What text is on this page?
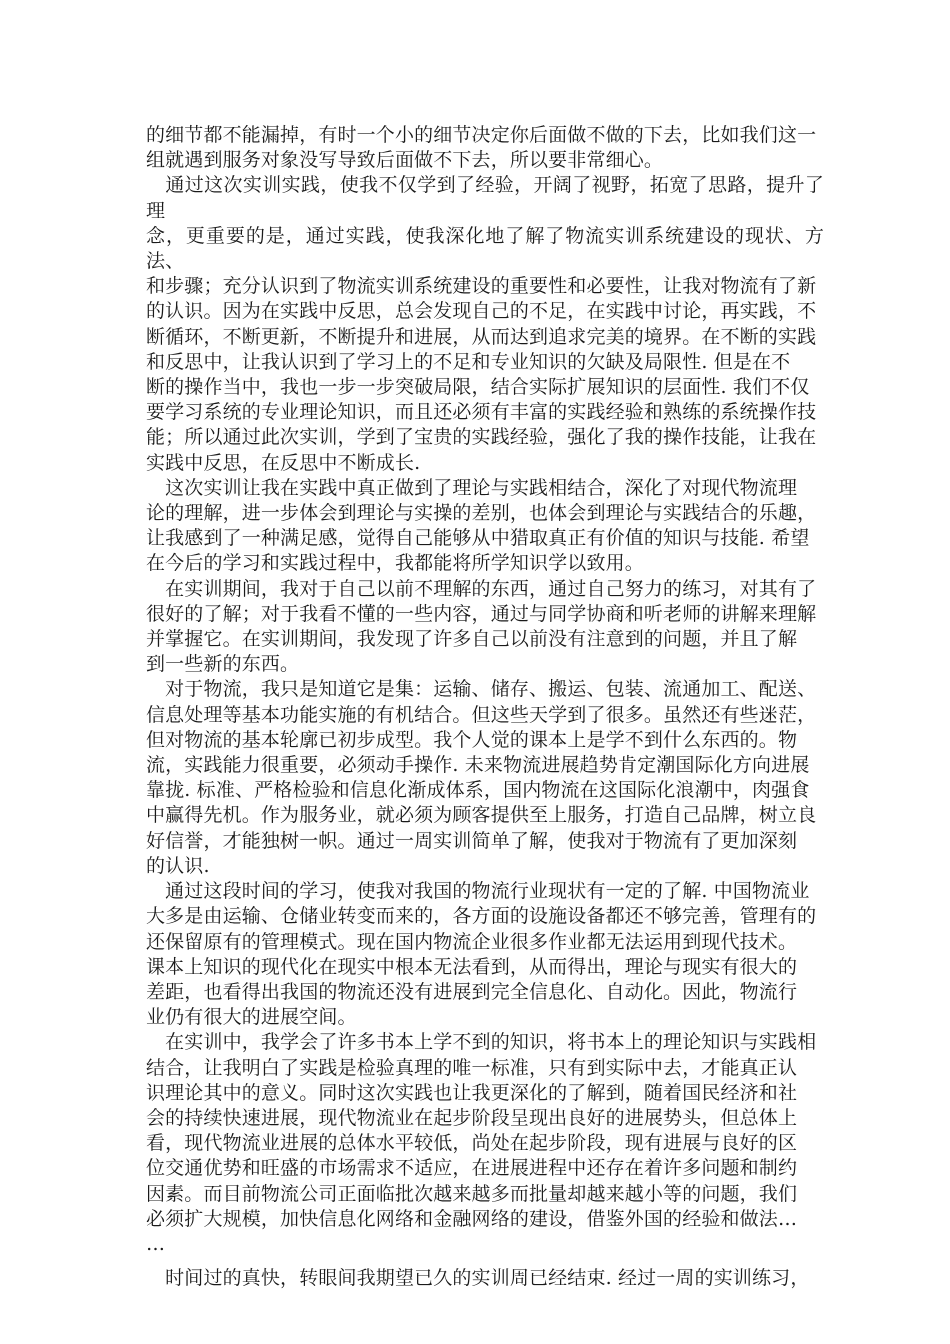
的细节都不能漏掉，有时一个小的细节决定你后面做不做的下去，比如我们这一
组就遇到服务对象没写导致后面做不下去，所以要非常细心。

　通过这次实训实践，使我不仅学到了经验，开阔了视野，拓宽了思路，提升了理
念，更重要的是，通过实践，使我深化地了解了物流实训系统建设的现状、方法、
和步骤；充分认识到了物流实训系统建设的重要性和必要性，让我对物流有了新
的认识。因为在实践中反思，总会发现自己的不足，在实践中讨论，再实践，不
断循环，不断更新，不断提升和进展，从而达到追求完美的境界。在不断的实践
和反思中，让我认识到了学习上的不足和专业知识的欠缺及局限性. 但是在不
断的操作当中，我也一步一步突破局限，结合实际扩展知识的层面性. 我们不仅
要学习系统的专业理论知识，而且还必须有丰富的实践经验和熟练的系统操作技
能；所以通过此次实训，学到了宝贵的实践经验，强化了我的操作技能，让我在
实践中反思，在反思中不断成长.

　这次实训让我在实践中真正做到了理论与实践相结合，深化了对现代物流理
论的理解，进一步体会到理论与实操的差别，也体会到理论与实践结合的乐趣，
让我感到了一种满足感，觉得自己能够从中猎取真正有价值的知识与技能. 希望
在今后的学习和实践过程中，我都能将所学知识学以致用。

　在实训期间，我对于自己以前不理解的东西，通过自己努力的练习，对其有了
很好的了解；对于我看不懂的一些内容，通过与同学协商和听老师的讲解来理解
并掌握它。在实训期间，我发现了许多自己以前没有注意到的问题，并且了解
到一些新的东西。

　对于物流，我只是知道它是集：运输、储存、搬运、包装、流通加工、配送、
信息处理等基本功能实施的有机结合。但这些天学到了很多。虽然还有些迷茫，
但对物流的基本轮廓已初步成型。我个人觉的课本上是学不到什么东西的。物
流，实践能力很重要，必须动手操作. 未来物流进展趋势肯定潮国际化方向进展
靠拢. 标准、严格检验和信息化渐成体系，国内物流在这国际化浪潮中，肉强食
中赢得先机。作为服务业，就必须为顾客提供至上服务，打造自己品牌，树立良
好信誉，才能独树一帜。通过一周实训简单了解，使我对于物流有了更加深刻
的认识.

　通过这段时间的学习，使我对我国的物流行业现状有一定的了解. 中国物流业
大多是由运输、仓储业转变而来的，各方面的设施设备都还不够完善，管理有的
还保留原有的管理模式。现在国内物流企业很多作业都无法运用到现代技术。
课本上知识的现代化在现实中根本无法看到，从而得出，理论与现实有很大的
差距，也看得出我国的物流还没有进展到完全信息化、自动化。因此，物流行
业仍有很大的进展空间。

　在实训中，我学会了许多书本上学不到的知识，将书本上的理论知识与实践相
结合，让我明白了实践是检验真理的唯一标准，只有到实际中去，才能真正认
识理论其中的意义。同时这次实践也让我更深化的了解到，随着国民经济和社
会的持续快速进展，现代物流业在起步阶段呈现出良好的进展势头，但总体上
看，现代物流业进展的总体水平较低，尚处在起步阶段，现有进展与良好的区
位交通优势和旺盛的市场需求不适应，在进展进程中还存在着许多问题和制约
因素。而目前物流公司正面临批次越来越多而批量却越来越小等的问题，我们
必须扩大规模，加快信息化网络和金融网络的建设，借鉴外国的经验和做法…
…

　时间过的真快，转眼间我期望已久的实训周已经结束. 经过一周的实训练习，
